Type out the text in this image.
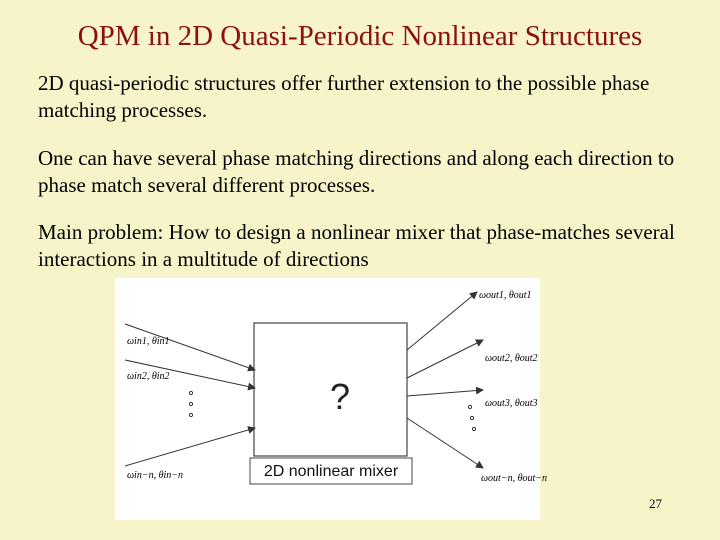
QPM in 2D Quasi-Periodic Nonlinear Structures

2D quasi-periodic structures offer further extension to the possible phase matching processes.

One can have several phase matching directions and along each direction to phase match several different processes.

Main problem: How to design a nonlinear mixer that phase-matches several interactions in a multitude of directions

?
2D nonlinear mixer
ωin1, θin1
ωin2, θin2
ωin−n, θin−n
ωout1, θout1
ωout2, θout2
ωout3, θout3
ωout−n, θout−n
27
